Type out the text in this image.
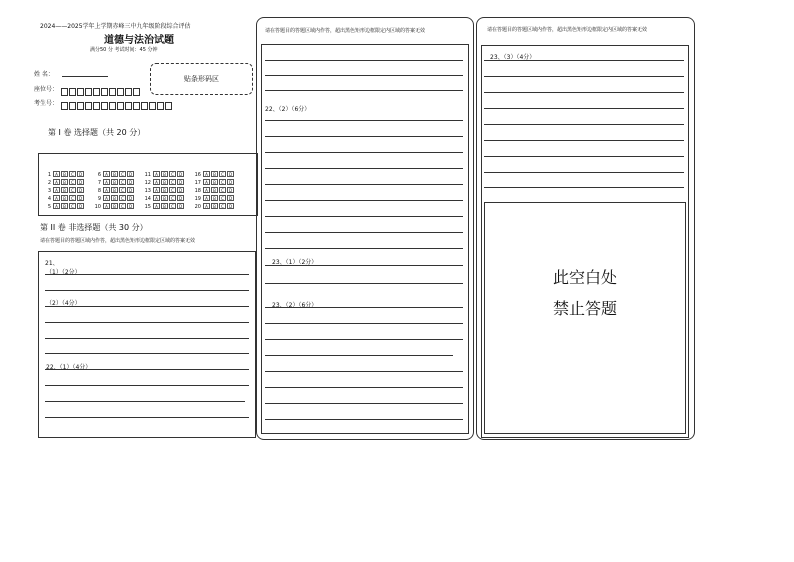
2024——2025学年上学期赤峰三中九年级阶段综合评估
道德与法治试题
满分50 分 考试时间：45 分钟
姓 名：
座位号：
考生号：
贴条形码区
第 I 卷 选择题（共 20 分）
1 A B C D	6 A B C D	11 A B C D	16 A B C D
2 A B C D	7 A B C D	12 A B C D	17 A B C D
3 A B C D	8 A B C D	13 A B C D	18 A B C D
4 A B C D	9 A B C D	14 A B C D	19 A B C D
5 A B C D	10 A B C D	15 A B C D	20 A B C D
第 II 卷 非选择题（共 30 分）
请在答题目的答题区域内作答，超出黑色矩形边框限定区域的答案无效
21、
（1）（2分）
（2）（4分）
22、（1）（4分）
请在答题目的答题区域内作答，超出黑色矩形边框限定内区域的答案无效
22、（2）（6分）
23、（1）（2分）
23、（2）（6分）
请在答题目的答题区域内作答，超出黑色矩形边框限定内区域的答案无效
23、（3）（4分）
此空白处
禁止答题
